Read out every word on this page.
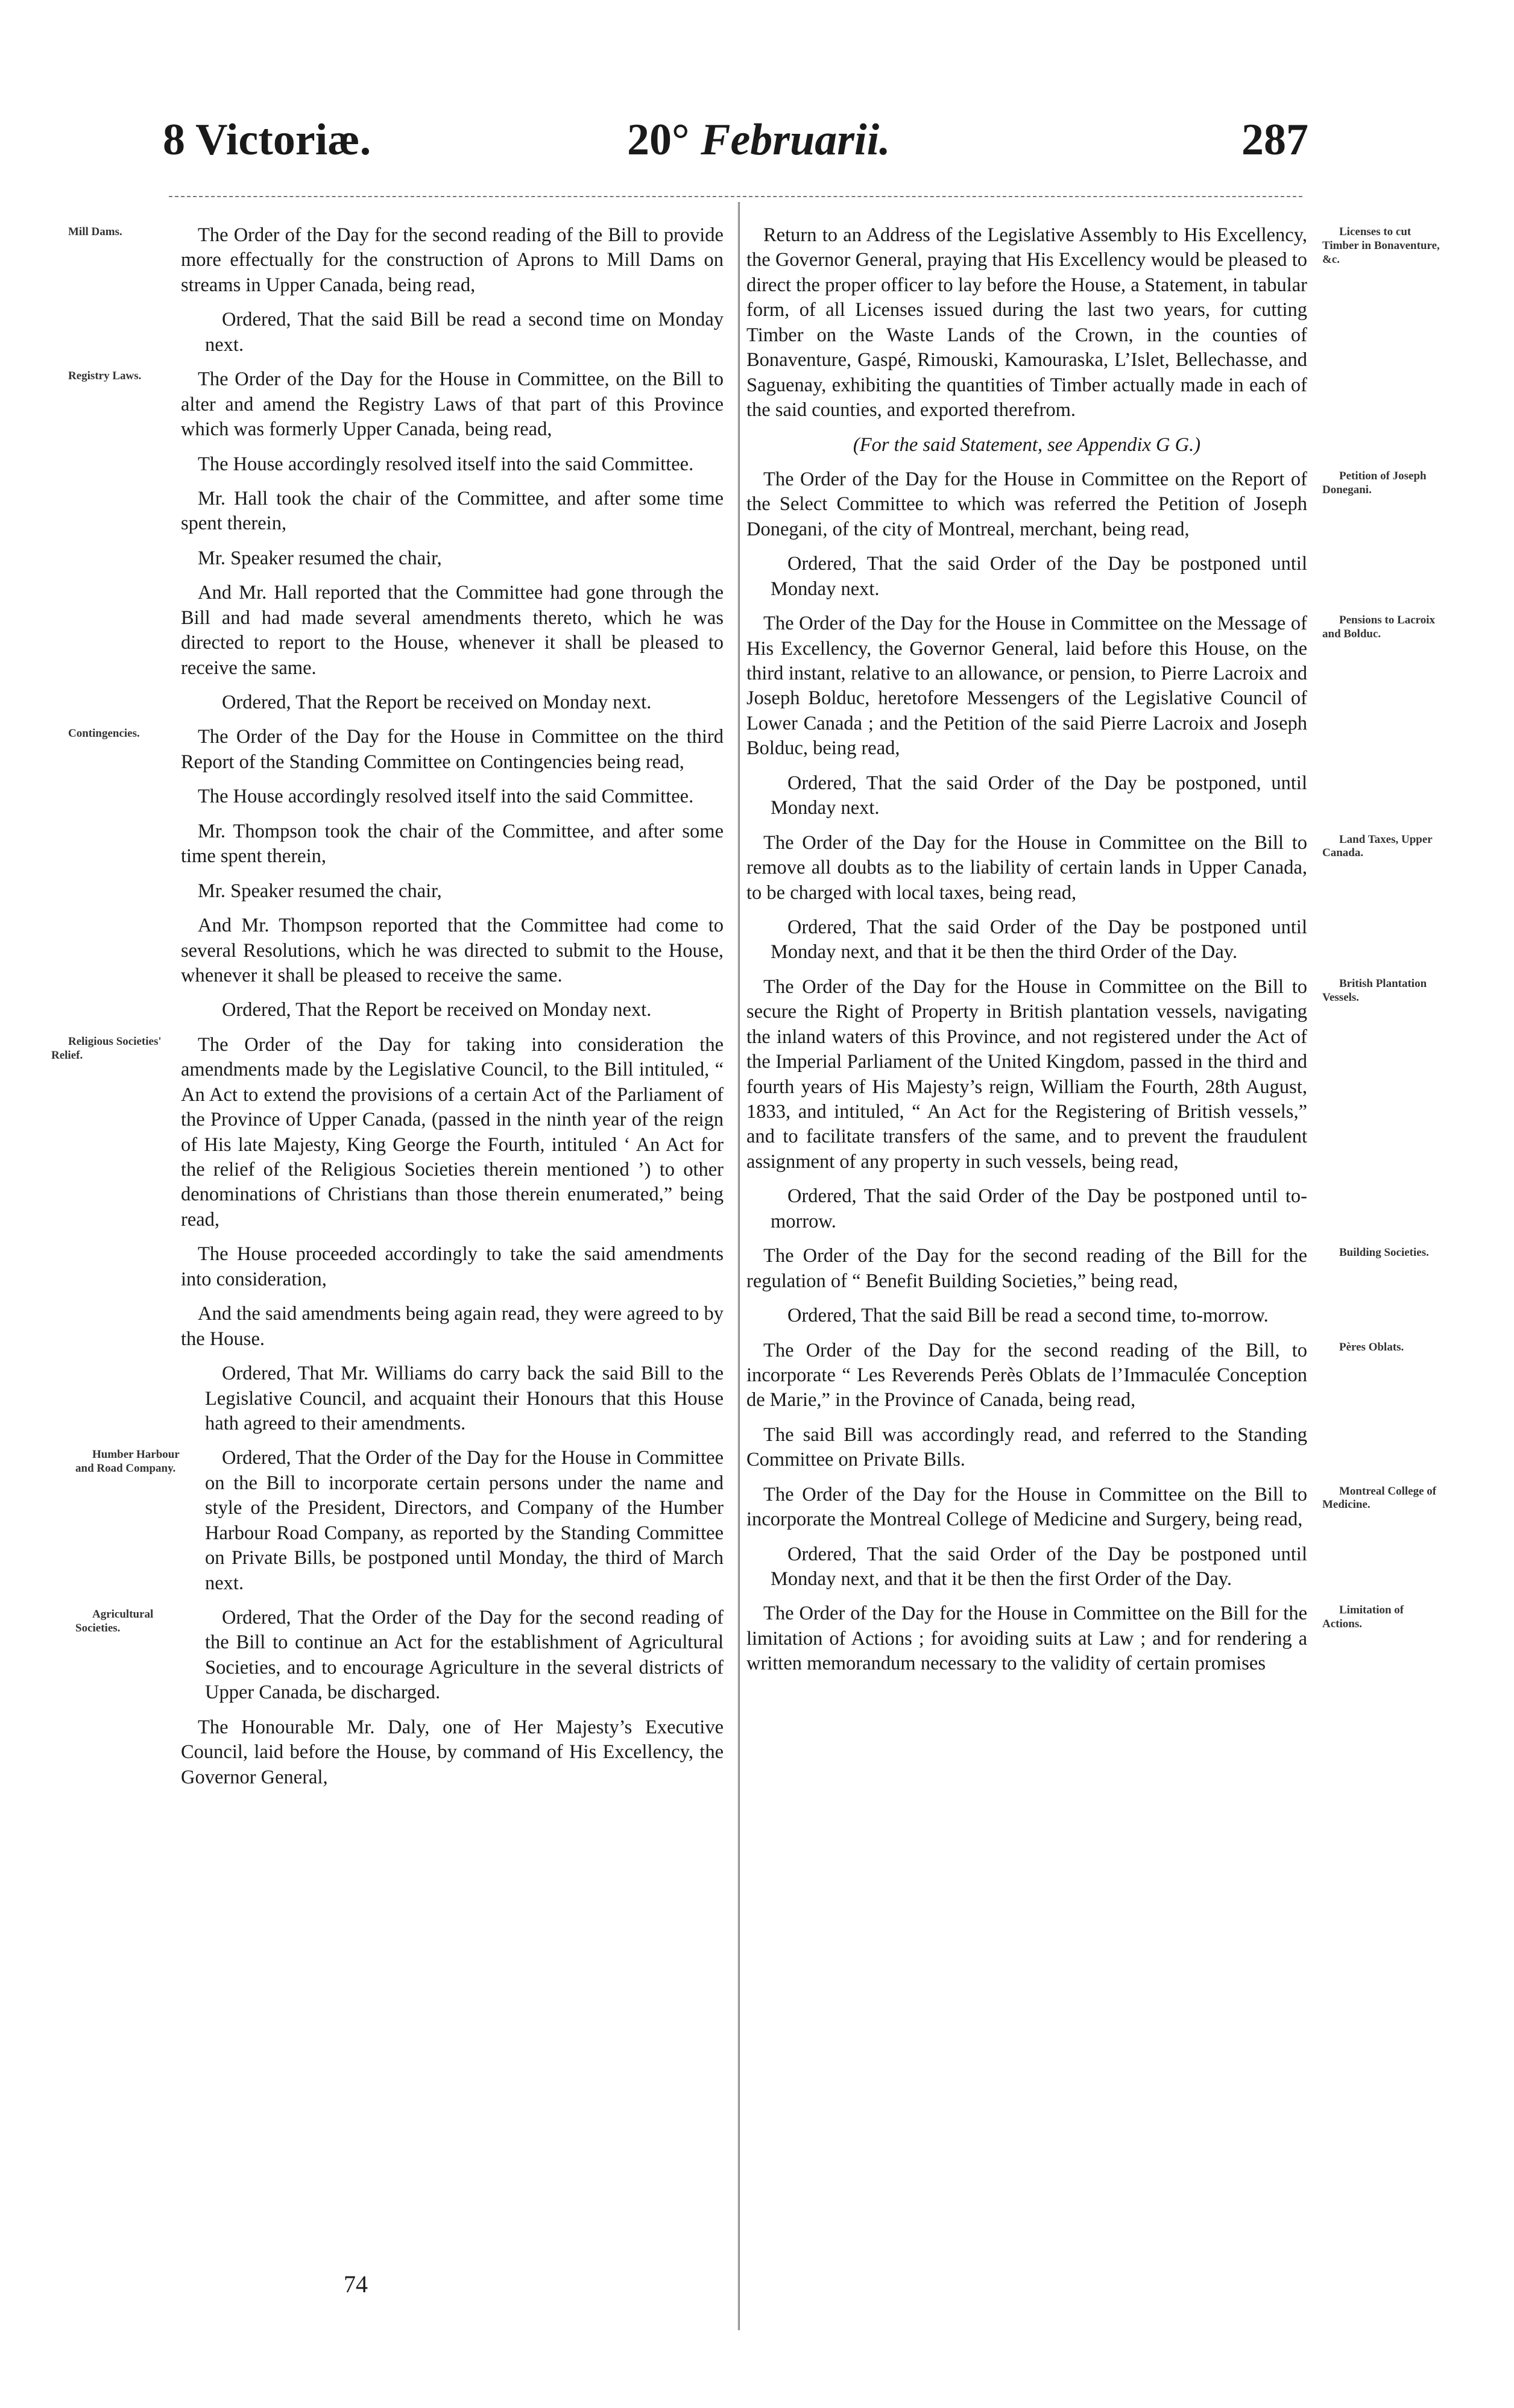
8 Victoriæ.	20° Februarii.	287
The Order of the Day for the second reading of the Bill to provide more effectually for the construction of Aprons to Mill Dams on streams in Upper Canada, being read,
Mill Dams.
Ordered, That the said Bill be read a second time on Monday next.
The Order of the Day for the House in Committee, on the Bill to alter and amend the Registry Laws of that part of this Province which was formerly Upper Canada, being read,
Registry Laws.
The House accordingly resolved itself into the said Committee.
Mr. Hall took the chair of the Committee, and after some time spent therein,
Mr. Speaker resumed the chair,
And Mr. Hall reported that the Committee had gone through the Bill and had made several amendments thereto, which he was directed to report to the House, whenever it shall be pleased to receive the same.
Ordered, That the Report be received on Monday next.
The Order of the Day for the House in Committee on the third Report of the Standing Committee on Contingencies being read,
Contingencies.
The House accordingly resolved itself into the said Committee.
Mr. Thompson took the chair of the Committee, and after some time spent therein,
Mr. Speaker resumed the chair,
And Mr. Thompson reported that the Committee had come to several Resolutions, which he was directed to submit to the House, whenever it shall be pleased to receive the same.
Ordered, That the Report be received on Monday next.
The Order of the Day for taking into consideration the amendments made by the Legislative Council, to the Bill intituled, “ An Act to extend the provisions of a certain Act of the Parliament of the Province of Upper Canada, (passed in the ninth year of the reign of His late Majesty, King George the Fourth, intituled ‘ An Act for the relief of the Religious Societies therein mentioned ’) to other denominations of Christians than those therein enumerated,” being read,
Religious Societies' Relief.
The House proceeded accordingly to take the said amendments into consideration,
And the said amendments being again read, they were agreed to by the House.
Ordered, That Mr. Williams do carry back the said Bill to the Legislative Council, and acquaint their Honours that this House hath agreed to their amendments.
Ordered, That the Order of the Day for the House in Committee on the Bill to incorporate certain persons under the name and style of the President, Directors, and Company of the Humber Harbour Road Company, as reported by the Standing Committee on Private Bills, be postponed until Monday, the third of March next.
Humber Harbour and Road Company.
Ordered, That the Order of the Day for the second reading of the Bill to continue an Act for the establishment of Agricultural Societies, and to encourage Agriculture in the several districts of Upper Canada, be discharged.
Agricultural Societies.
The Honourable Mr. Daly, one of Her Majesty’s Executive Council, laid before the House, by command of His Excellency, the Governor General,
Return to an Address of the Legislative Assembly to His Excellency, the Governor General, praying that His Excellency would be pleased to direct the proper officer to lay before the House, a Statement, in tabular form, of all Licenses issued during the last two years, for cutting Timber on the Waste Lands of the Crown, in the counties of Bonaventure, Gaspé, Rimouski, Kamouraska, L’Islet, Bellechasse, and Saguenay, exhibiting the quantities of Timber actually made in each of the said counties, and exported therefrom.
Licenses to cut Timber in Bonaventure, &c.
(For the said Statement, see Appendix G G.)
The Order of the Day for the House in Committee on the Report of the Select Committee to which was referred the Petition of Joseph Donegani, of the city of Montreal, merchant, being read,
Petition of Joseph Donegani.
Ordered, That the said Order of the Day be postponed until Monday next.
The Order of the Day for the House in Committee on the Message of His Excellency, the Governor General, laid before this House, on the third instant, relative to an allowance, or pension, to Pierre Lacroix and Joseph Bolduc, heretofore Messengers of the Legislative Council of Lower Canada ; and the Petition of the said Pierre Lacroix and Joseph Bolduc, being read,
Pensions to Lacroix and Bolduc.
Ordered, That the said Order of the Day be postponed, until Monday next.
The Order of the Day for the House in Committee on the Bill to remove all doubts as to the liability of certain lands in Upper Canada, to be charged with local taxes, being read,
Land Taxes, Upper Canada.
Ordered, That the said Order of the Day be postponed until Monday next, and that it be then the third Order of the Day.
The Order of the Day for the House in Committee on the Bill to secure the Right of Property in British plantation vessels, navigating the inland waters of this Province, and not registered under the Act of the Imperial Parliament of the United Kingdom, passed in the third and fourth years of His Majesty’s reign, William the Fourth, 28th August, 1833, and intituled, “ An Act for the Registering of British vessels,” and to facilitate transfers of the same, and to prevent the fraudulent assignment of any property in such vessels, being read,
British Plantation Vessels.
Ordered, That the said Order of the Day be postponed until to-morrow.
The Order of the Day for the second reading of the Bill for the regulation of “ Benefit Building Societies,” being read,
Building Societies.
Ordered, That the said Bill be read a second time, to-morrow.
The Order of the Day for the second reading of the Bill, to incorporate “ Les Reverends Perès Oblats de l’Immaculée Conception de Marie,” in the Province of Canada, being read,
Pères Oblats.
The said Bill was accordingly read, and referred to the Standing Committee on Private Bills.
The Order of the Day for the House in Committee on the Bill to incorporate the Montreal College of Medicine and Surgery, being read,
Montreal College of Medicine.
Ordered, That the said Order of the Day be postponed until Monday next, and that it be then the first Order of the Day.
The Order of the Day for the House in Committee on the Bill for the limitation of Actions ; for avoiding suits at Law ; and for rendering a written memorandum necessary to the validity of certain promises
Limitation of Actions.
74
